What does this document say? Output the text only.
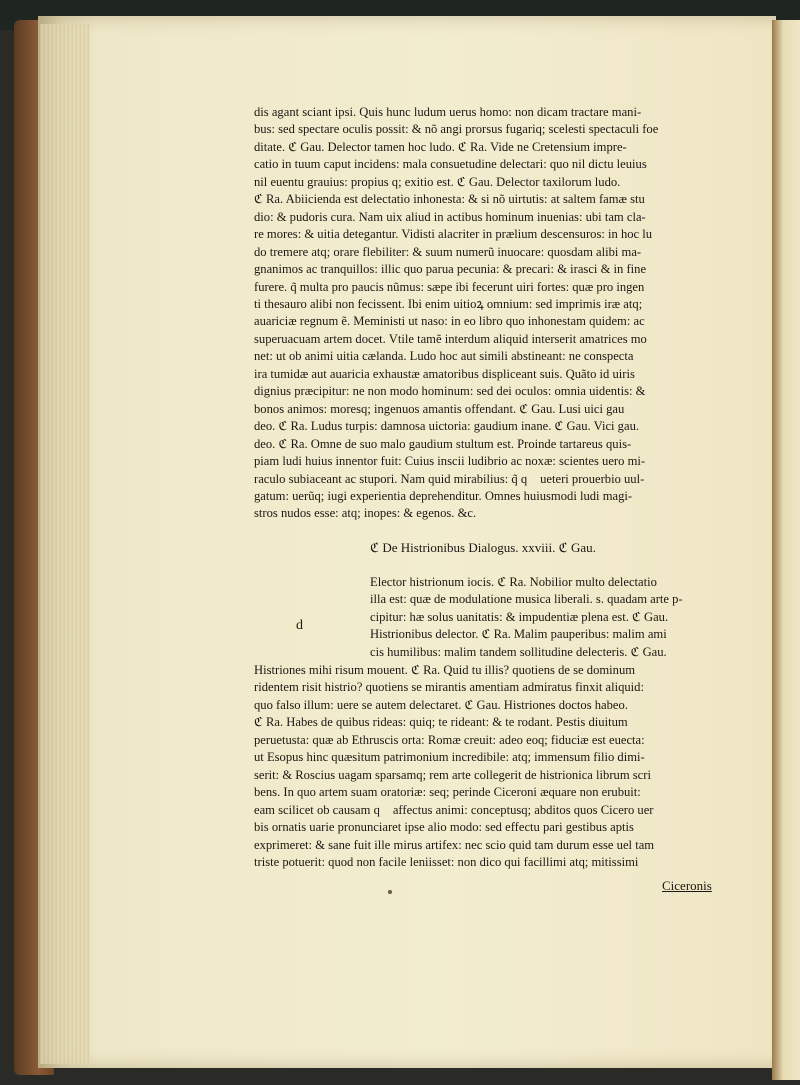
dis agant sciant ipsi. Quis hunc ludum uerus homo: non dicam tractare mani-
bus: sed spectare oculis possit: & nõ angi prorsus fugariq; scelesti spectaculi foe
ditate. ℭ Gau. Delector tamen hoc ludo. ℭ Ra. Vide ne Cretensium impre-
catio in tuum caput incidens: mala consuetudine delectari: quo nil dictu leuius
nil euentu grauius: propius q; exitio est. ℭ Gau. Delector taxilorum ludo.
ℭ Ra. Abiicienda est delectatio inhonesta: & si nõ uirtutis: at saltem famæ stu
dio: & pudoris cura. Nam uix aliud in actibus hominum inuenias: ubi tam cla-
re mores: & uitia detegantur. Vidisti alacriter in prælium descensuros: in hoc lu
do tremere atq; orare flebiliter: & suum numerũ inuocare: quosdam alibi ma-
gnanimos ac tranquillos: illic quo parua pecunia: & precari: & irasci & in fine
furere. q̃ multa pro paucis nũmus: sæpe ibi fecerunt uiri fortes: quæ pro ingen
ti thesauro alibi non fecissent. Ibi enim uitioꝝ omnium: sed imprimis iræ atq;
auariciæ regnum ẽ. Meministi ut naso: in eo libro quo inhonestam quidem: ac
superuacuam artem docet. Vtile tamẽ interdum aliquid interserit amatrices mo
net: ut ob animi uitia cælanda. Ludo hoc aut simili abstineant: ne conspecta
ira tumidæ aut auaricia exhaustæ amatoribus displiceant suis. Quãto id uiris
dignius præcipitur: ne non modo hominum: sed dei oculos: omnia uidentis: &
bonos animos: moresq; ingenuos amantis offendant. ℭ Gau. Lusi uici gau
deo. ℭ Ra. Ludus turpis: damnosa uictoria: gaudium inane. ℭ Gau. Vici gau.
deo. ℭ Ra. Omne de suo malo gaudium stultum est. Proinde tartareus quis-
piam ludi huius innentor fuit: Cuius inscii ludibrio ac noxæ: scientes uero mi-
raculo subiaceant ac stupori. Nam quid mirabilius: q̃ q᷑ ueteri prouerbio uul-
gatum: uerũq; iugi experientia deprehenditur. Omnes huiusmodi ludi magi-
stros nudos esse: atq; inopes: & egenos. &c.
ℭ De Histrionibus Dialogus. xxviii. ℭ Gau.
d
Elector histrionum iocis. ℭ Ra. Nobilior multo delectatio
illa est: quæ de modulatione musica liberali. s. quadam arte p-
cipitur: hæ solus uanitatis: & impudentiæ plena est. ℭ Gau.
Histrionibus delector. ℭ Ra. Malim pauperibus: malim ami
cis humilibus: malim tandem sollitudine delecteris. ℭ Gau.
Histriones mihi risum mouent. ℭ Ra. Quid tu illis? quotiens de se dominum
ridentem risit histrio? quotiens se mirantis amentiam admiratus finxit aliquid:
quo falso illum: uere se autem delectaret. ℭ Gau. Histriones doctos habeo.
ℭ Ra. Habes de quibus rideas: quiq; te rideant: & te rodant. Pestis diuitum
peruetusta: quæ ab Ethruscis orta: Romæ creuit: adeo eoq; fiduciæ est euecta:
ut Esopus hinc quæsitum patrimonium incredibile: atq; immensum filio dimi-
serit: & Roscius uagam sparsamq; rem arte collegerit de histrionica librum scri
bens. In quo artem suam oratoriæ: seq; perinde Ciceroni æquare non erubuit:
eam scilicet ob causam q᷑ affectus animi: conceptusq; abditos quos Cicero uer
bis ornatis uarie pronunciaret ipse alio modo: sed effectu pari gestibus aptis
exprimeret: & sane fuit ille mirus artifex: nec scio quid tam durum esse uel tam
triste potuerit: quod non facile leniisset: non dico qui facillimi atq; mitissimi
Ciceronis
